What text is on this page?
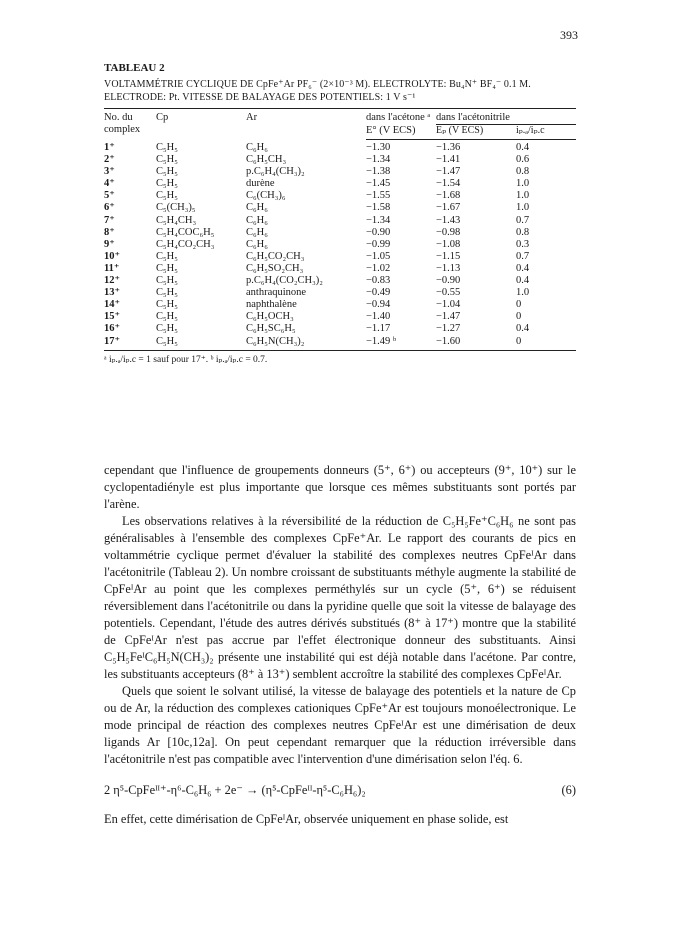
393
TABLEAU 2
VOLTAMMÉTRIE CYCLIQUE DE CpFe⁺Ar PF₆⁻ (2×10⁻³ M). ELECTROLYTE: Bu₄N⁺ BF₄⁻ 0.1 M. ELECTRODE: Pt. VITESSE DE BALAYAGE DES POTENTIELS: 1 V s⁻¹
No. du complex	Cp	Ar	dans l'acétone ᵃ	dans l'acétonitrile	
			E° (V ECS)	Eₚ (V ECS)	iₚ.ₐ/iₚ.c
1⁺	C₅H₅	C₆H₆	−1.30	−1.36	0.4
2⁺	C₅H₅	C₆H₅CH₃	−1.34	−1.41	0.6
3⁺	C₅H₅	p.C₆H₄(CH₃)₂	−1.38	−1.47	0.8
4⁺	C₅H₅	durène	−1.45	−1.54	1.0
5⁺	C₅H₅	C₆(CH₃)₆	−1.55	−1.68	1.0
6⁺	C₅(CH₃)₅	C₆H₆	−1.58	−1.67	1.0
7⁺	C₅H₄CH₃	C₆H₆	−1.34	−1.43	0.7
8⁺	C₅H₄COC₆H₅	C₆H₆	−0.90	−0.98	0.8
9⁺	C₅H₄CO₂CH₃	C₆H₆	−0.99	−1.08	0.3
10⁺	C₅H₅	C₆H₅CO₂CH₃	−1.05	−1.15	0.7
11⁺	C₅H₅	C₆H₅SO₂CH₃	−1.02	−1.13	0.4
12⁺	C₅H₅	p.C₆H₄(CO₂CH₃)₂	−0.83	−0.90	0.4
13⁺	C₅H₅	anthraquinone	−0.49	−0.55	1.0
14⁺	C₅H₅	naphthalène	−0.94	−1.04	0
15⁺	C₅H₅	C₆H₅OCH₃	−1.40	−1.47	0
16⁺	C₅H₅	C₆H₅SC₆H₅	−1.17	−1.27	0.4
17⁺	C₅H₅	C₆H₅N(CH₃)₂	−1.49 ᵇ	−1.60	0
ᵃ iₚ.ₐ/iₚ.c = 1 sauf pour 17⁺. ᵇ iₚ.ₐ/iₚ.c = 0.7.

cependant que l'influence de groupements donneurs (5⁺, 6⁺) ou accepteurs (9⁺, 10⁺) sur le cyclopentadiényle est plus importante que lorsque ces mêmes substituants sont portés par l'arène.

Les observations relatives à la réversibilité de la réduction de C₅H₅Fe⁺C₆H₆ ne sont pas généralisables à l'ensemble des complexes CpFe⁺Ar. Le rapport des courants de pics en voltammétrie cyclique permet d'évaluer la stabilité des complexes neutres CpFeᴵAr dans l'acétonitrile (Tableau 2). Un nombre croissant de substituants méthyle augmente la stabilité de CpFeᴵAr au point que les complexes perméthylés sur un cycle (5⁺, 6⁺) se réduisent réversiblement dans l'acétonitrile ou dans la pyridine quelle que soit la vitesse de balayage des potentiels. Cependant, l'étude des autres dérivés substitués (8⁺ à 17⁺) montre que la stabilité de CpFeᴵAr n'est pas accrue par l'effet électronique donneur des substituants. Ainsi C₅H₅FeᴵC₆H₅N(CH₃)₂ présente une instabilité qui est déjà notable dans l'acétone. Par contre, les substituants accepteurs (8⁺ à 13⁺) semblent accroître la stabilité des complexes CpFeᴵAr.

Quels que soient le solvant utilisé, la vitesse de balayage des potentiels et la nature de Cp ou de Ar, la réduction des complexes cationiques CpFe⁺Ar est toujours monoélectronique. Le mode principal de réaction des complexes neutres CpFeᴵAr est une dimérisation de deux ligands Ar [10c,12a]. On peut cependant remarquer que la réduction irréversible dans l'acétonitrile n'est pas compatible avec l'intervention d'une dimérisation selon l'éq. 6.

2 η⁵-CpFeᴵᴵ⁺-η⁶-C₆H₆ + 2e⁻ → (η⁵-CpFeᴵᴵ-η⁵-C₆H₆)₂	(6)

En effet, cette dimérisation de CpFeᴵAr, observée uniquement en phase solide, est
